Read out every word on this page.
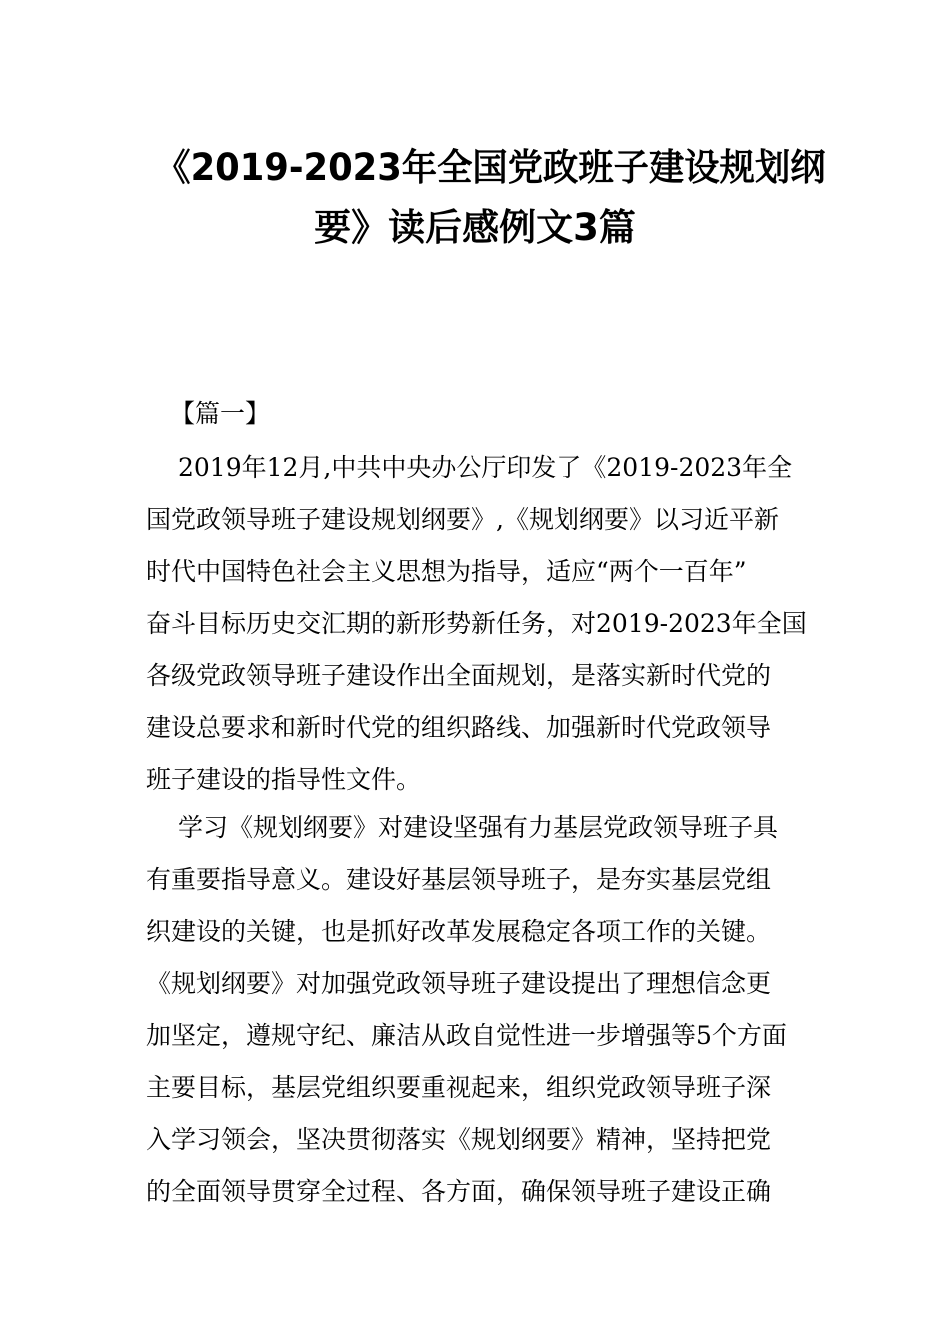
《2019-2023年全国党政班子建设规划纲
要》读后感例文3篇
【篇一】
2019年12月,中共中央办公厅印发了《2019-2023年全
国党政领导班子建设规划纲要》,《规划纲要》以习近平新
时代中国特色社会主义思想为指导，适应“两个一百年”
奋斗目标历史交汇期的新形势新任务，对2019-2023年全国
各级党政领导班子建设作出全面规划，是落实新时代党的
建设总要求和新时代党的组织路线、加强新时代党政领导
班子建设的指导性文件。
学习《规划纲要》对建设坚强有力基层党政领导班子具
有重要指导意义。建设好基层领导班子，是夯实基层党组
织建设的关键，也是抓好改革发展稳定各项工作的关键。
《规划纲要》对加强党政领导班子建设提出了理想信念更
加坚定，遵规守纪、廉洁从政自觉性进一步增强等5个方面
主要目标，基层党组织要重视起来，组织党政领导班子深
入学习领会，坚决贯彻落实《规划纲要》精神，坚持把党
的全面领导贯穿全过程、各方面，确保领导班子建设正确
